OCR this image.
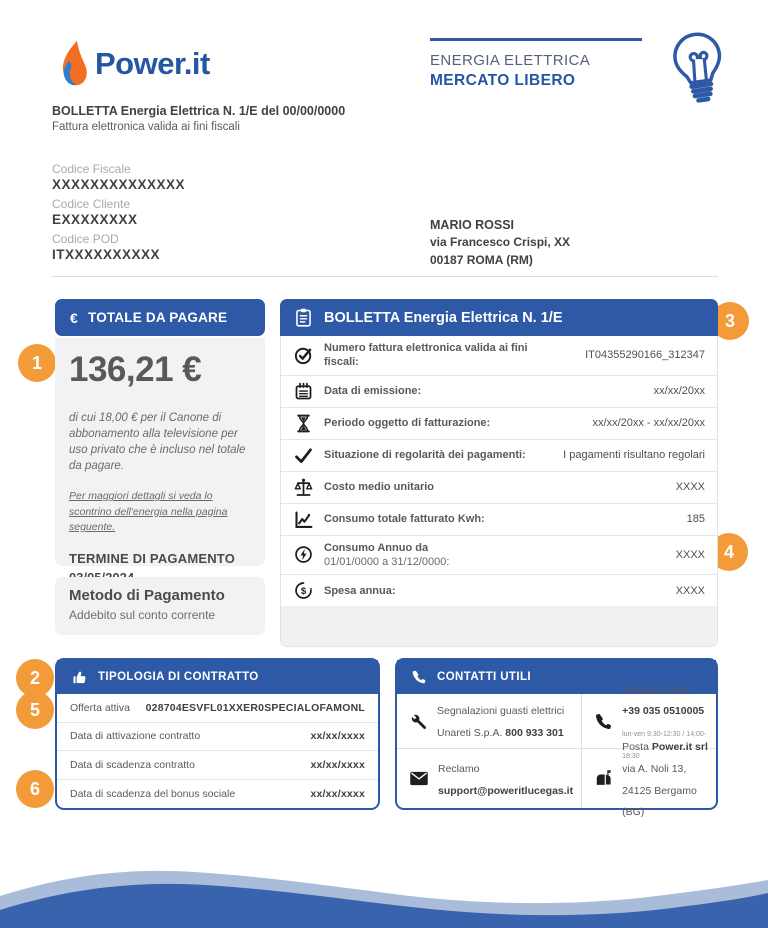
Power.it	ENERGIA ELETTRICA
MERCATO LIBERO
BOLLETTA Energia Elettrica N. 1/E del 00/00/0000
Fattura elettronica valida ai fini fiscali
Codice Fiscale
XXXXXXXXXXXXXX
Codice Cliente
EXXXXXXXX
Codice POD
ITXXXXXXXXXX
MARIO ROSSI
via Francesco Crispi, XX
00187 ROMA (RM)
€ TOTALE DA PAGARE
136,21 €
di cui 18,00 € per il Canone di abbonamento alla televisione per uso privato che è incluso nel totale da pagare.
Per maggiori dettagli si veda lo scontrino dell'energia nella pagina seguente.
TERMINE DI PAGAMENTO
Metodo di Pagamento
Addebito sul conto corrente
BOLLETTA Energia Elettrica N. 1/E
Numero fattura elettronica valida ai fini fiscali:
IT04355290166_312347
Data di emissione:	xx/xx/20xx
Periodo oggetto di fatturazione:	xx/xx/20xx - xx/xx/20xx
Situazione di regolarità dei pagamenti:	I pagamenti risultano regolari
Costo medio unitario	XXXX
Consumo totale fatturato Kwh:	185
Consumo Annuo da
01/01/0000 a 31/12/0000:
XXXX
$ Spesa annua:	XXXX
TIPOLOGIA DI CONTRATTO
Offerta attiva 028704ESVFL01XXER0SPECIALOFAMONL
Data di attivazione contratto	xx/xx/xxxx
Data di scadenza contratto	xx/xx/xxxx
Data di scadenza del bonus sociale	xx/xx/xxxx
CONTATTI UTILI
Segnalazioni guasti elettrici
Unareti S.p.A. 800 933 301
Servizio clienti
+39 035 0510005
lun-ven 9:30-12:30 / 14:00-18:30
Reclamo
support@poweritlucegas.it
Posta Power.it srl
via A. Noli 13,
24125 Bergamo (BG)
1
2
3
4
5
6
